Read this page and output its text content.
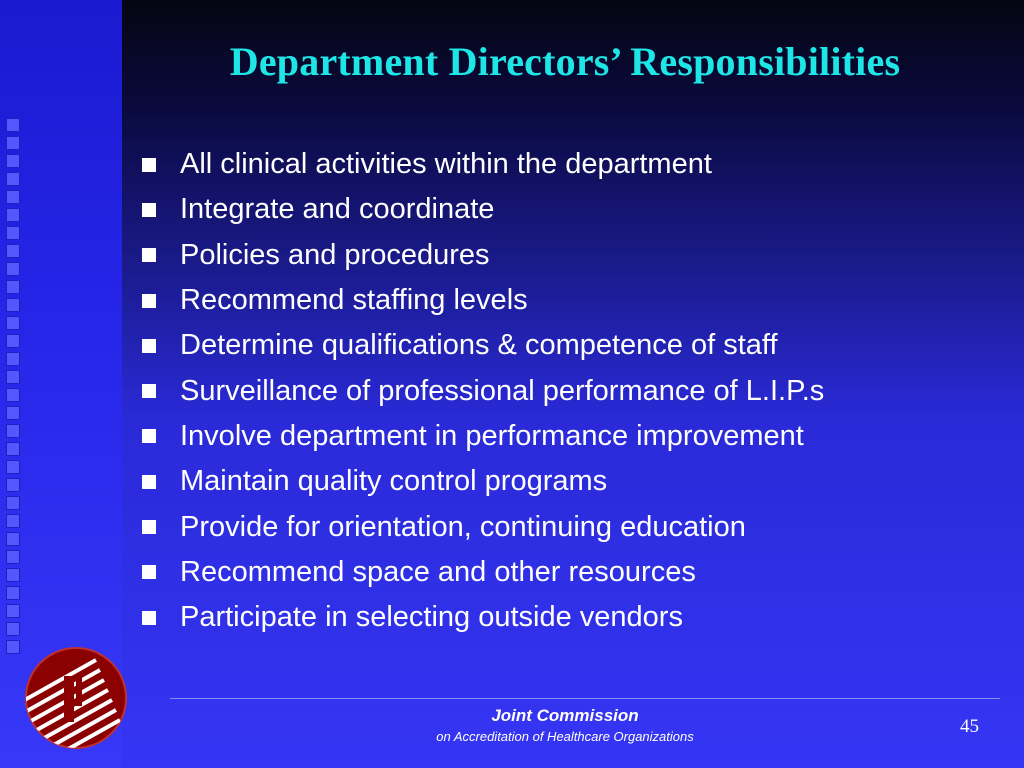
Department Directors’ Responsibilities
All clinical activities within the department
Integrate and coordinate
Policies and procedures
Recommend staffing levels
Determine qualifications & competence of staff
Surveillance of professional performance of L.I.P.s
Involve department in performance improvement
Maintain quality control programs
Provide for orientation, continuing education
Recommend space and other resources
Participate in selecting outside vendors
Joint Commission
on Accreditation of Healthcare Organizations	45
